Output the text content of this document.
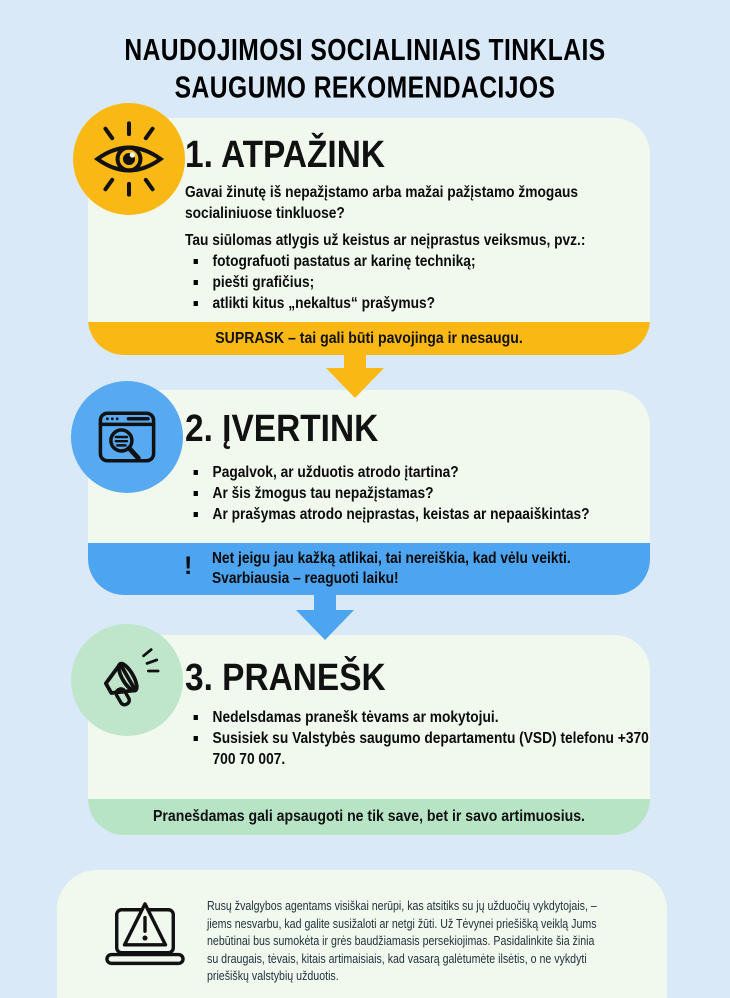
NAUDOJIMOSI SOCIALINIAIS TINKLAIS
SAUGUMO REKOMENDACIJOS
1. ATPAŽINK

Gavai žinutę iš nepažįstamo arba mažai pažįstamo žmogaus socialiniuose tinkluose?

Tau siūlomas atlygis už keistus ar neįprastus veiksmus, pvz.:

fotografuoti pastatus ar karinę techniką;
piešti grafičius;
atlikti kitus „nekaltus“ prašymus?
SUPRASK – tai gali būti pavojinga ir nesaugu.
2. ĮVERTINK
Pagalvok, ar užduotis atrodo įtartina?
Ar šis žmogus tau nepažįstamas?
Ar prašymas atrodo neįprastas, keistas ar nepaaiškintas?
! Net jeigu jau kažką atlikai, tai nereiškia, kad vėlu veikti.
Svarbiausia – reaguoti laiku!
3. PRANEŠK
Nedelsdamas pranešk tėvams ar mokytojui.
Susisiek su Valstybės saugumo departamentu (VSD) telefonu +370 700 70 007.
Pranešdamas gali apsaugoti ne tik save, bet ir savo artimuosius.

Rusų žvalgybos agentams visiškai nerūpi, kas atsitiks su jų užduočių vykdytojais, – jiems nesvarbu, kad galite susižaloti ar netgi žūti. Už Tėvynei priešišką veiklą Jums nebūtinai bus sumokėta ir grės baudžiamasis persekiojimas. Pasidalinkite šia žinia su draugais, tėvais, kitais artimaisiais, kad vasarą galėtumėte ilsėtis, o ne vykdyti priešiškų valstybių užduotis.
